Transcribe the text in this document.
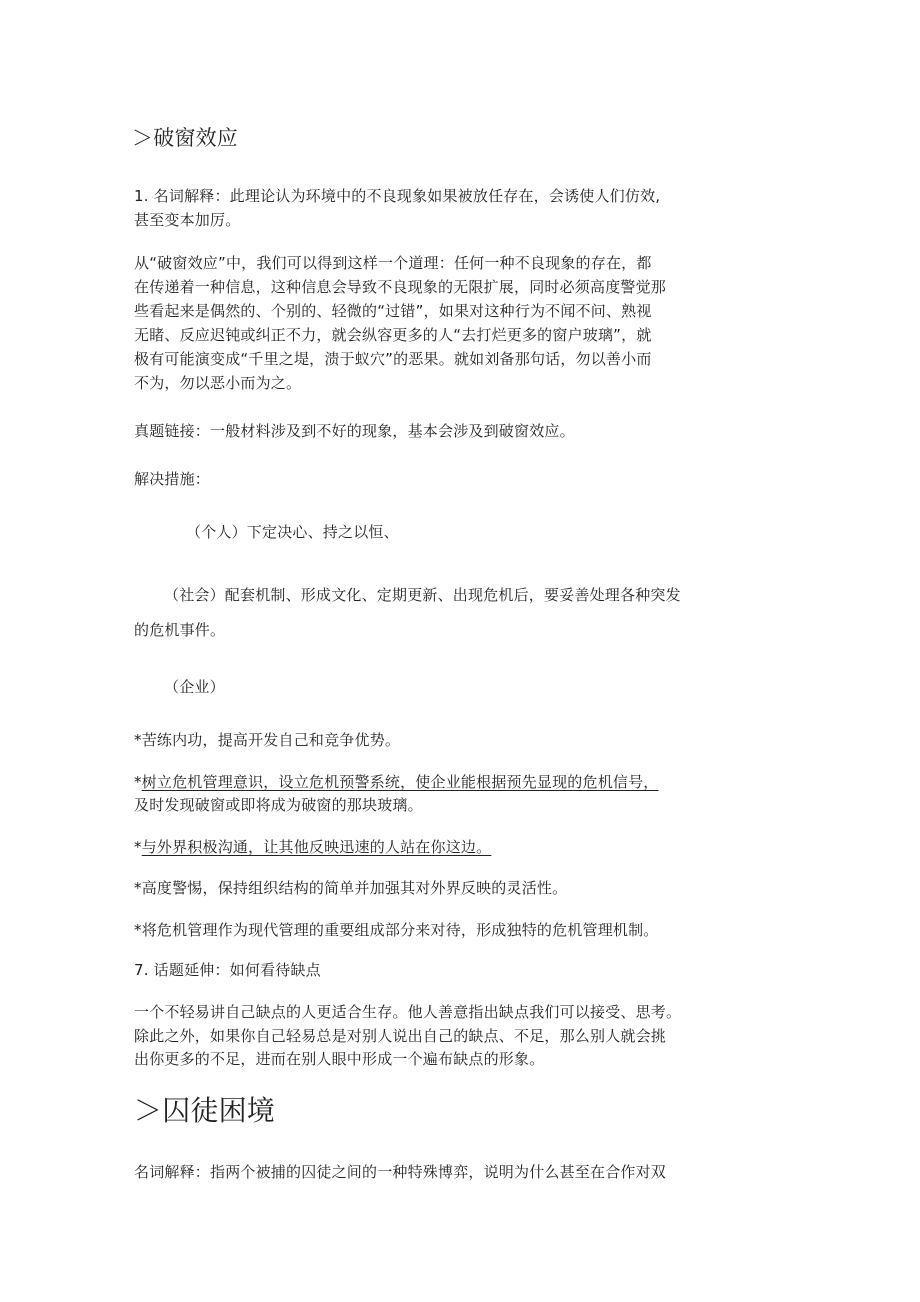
＞破窗效应
1. 名词解释：此理论认为环境中的不良现象如果被放任存在，会诱使人们仿效,
甚至变本加厉。
从“破窗效应”中，我们可以得到这样一个道理：任何一种不良现象的存在，都
在传递着一种信息，这种信息会导致不良现象的无限扩展，同时必须高度警觉那
些看起来是偶然的、个别的、轻微的“过错”，如果对这种行为不闻不问、熟视
无睹、反应迟钝或纠正不力，就会纵容更多的人“去打烂更多的窗户玻璃”，就
极有可能演变成“千里之堤，溃于蚁穴”的恶果。就如刘备那句话，勿以善小而
不为，勿以恶小而为之。
真题链接：一般材料涉及到不好的现象，基本会涉及到破窗效应。
解决措施：
（个人）下定决心、持之以恒、
（社会）配套机制、形成文化、定期更新、出现危机后，要妥善处理各种突发
的危机事件。
（企业）
*苦练内功，提高开发自己和竞争优势。
*树立危机管理意识，设立危机预警系统，使企业能根据预先显现的危机信号，
及时发现破窗或即将成为破窗的那块玻璃。
*与外界积极沟通，让其他反映迅速的人站在你这边。
*高度警惕，保持组织结构的简单并加强其对外界反映的灵活性。
*将危机管理作为现代管理的重要组成部分来对待，形成独特的危机管理机制。
7. 话题延伸：如何看待缺点
一个不轻易讲自己缺点的人更适合生存。他人善意指出缺点我们可以接受、思考。
除此之外，如果你自己轻易总是对别人说出自己的缺点、不足，那么别人就会挑
出你更多的不足，进而在别人眼中形成一个遍布缺点的形象。
＞囚徒困境
名词解释：指两个被捕的囚徒之间的一种特殊博弈，说明为什么甚至在合作对双
